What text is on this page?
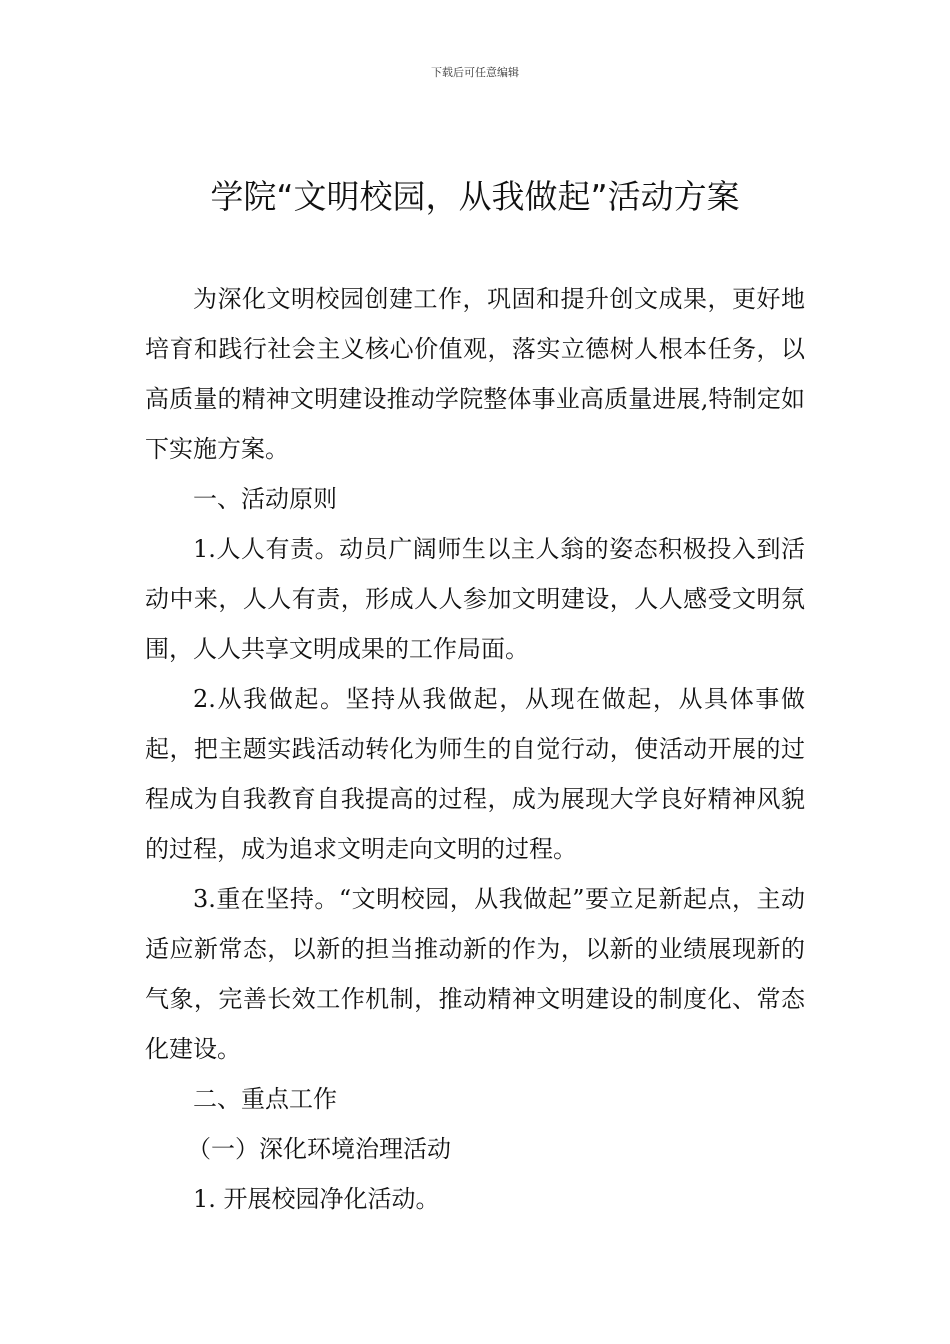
下载后可任意编辑
学院“文明校园，从我做起”活动方案

为深化文明校园创建工作，巩固和提升创文成果，更好地培育和践行社会主义核心价值观，落实立德树人根本任务，以高质量的精神文明建设推动学院整体事业高质量进展,特制定如下实施方案。

一、活动原则

1.人人有责。动员广阔师生以主人翁的姿态积极投入到活动中来，人人有责，形成人人参加文明建设，人人感受文明氛围，人人共享文明成果的工作局面。

2.从我做起。坚持从我做起，从现在做起，从具体事做起，把主题实践活动转化为师生的自觉行动，使活动开展的过程成为自我教育自我提高的过程，成为展现大学良好精神风貌的过程，成为追求文明走向文明的过程。

3.重在坚持。“文明校园，从我做起”要立足新起点，主动适应新常态，以新的担当推动新的作为，以新的业绩展现新的气象，完善长效工作机制，推动精神文明建设的制度化、常态化建设。

二、重点工作

（一）深化环境治理活动

1. 开展校园净化活动。
